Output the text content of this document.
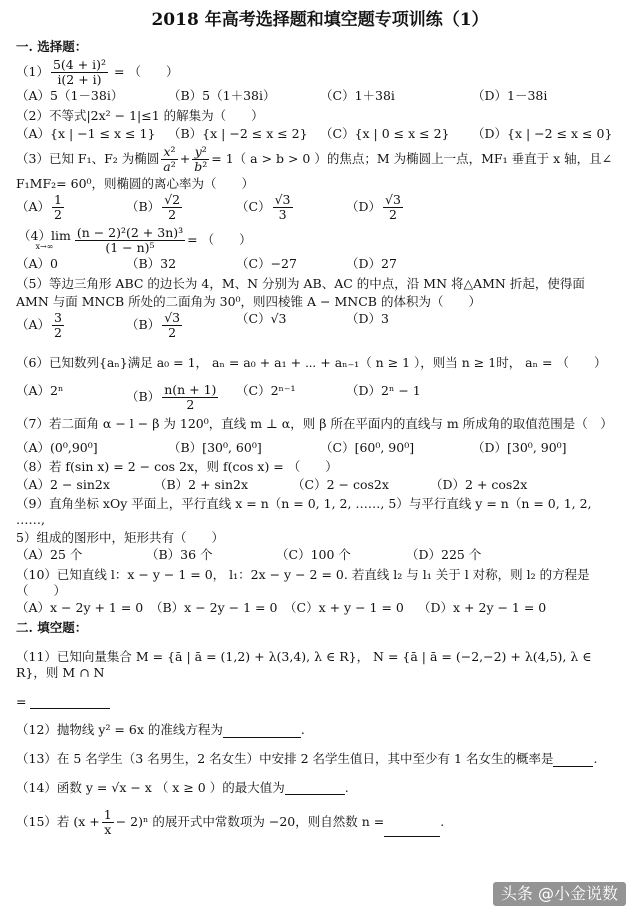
2018 年高考选择题和填空题专项训练（1）
一. 选择题：
$(1) \frac{\text{5(4 + i)²}}{i(2 + i)}$ = （　　）
（A）5（1－38i）	（B）5（1＋38i）	（C）1＋38i	（D）1－38i
（2）不等式|2x² − 1|≤1 的解集为（　　）
（A）{x | −1 ≤ x ≤ 1}	（B）{x | −2 ≤ x ≤ 2} （C）{x | 0 ≤ x ≤ 2}	（D）{x | −2 ≤ x ≤ 0}
（3）已知 F₁、F₂ 为椭圆 $\frac{\text{x²}}{\text{a²}} + \frac{\text{y²}}{\text{b²}} = 1$（ a > b > 0 ）的焦点；M 为椭圆上一点，MF₁ 垂直于 x 轴，且∠
F₁MF₂= 60⁰，则椭圆的离心率为（　　）
$(A) \frac{1}{2}$	$(B) \frac{√2}{2}$	$(C) \frac{√3}{3}$	$(D) \frac{√3}{2}$
（4）lim
x→∞	$\frac{\text{(n − 2)²(2 + 3n)³}}{\text{(1 − n)⁵}}$ = （　　）
（A）0	（B）32	（C）−27	（D）27
（5）等边三角形 ABC 的边长为 4，M、N 分别为 AB、AC 的中点，沿 MN 将△AMN 折起，使得面
AMN 与面 MNCB 所处的二面角为 30⁰，则四棱锥 A − MNCB 的体积为（　　）
$(A) \frac{3}{2}$	$(B) \frac{√3}{2}$	（C）√3	（D）3
（6）已知数列{aₙ}满足 a₀ = 1， aₙ = a₀ + a₁ + ⋯ + aₙ₋₁（ n ≥ 1 ），则当 n ≥ 1时， aₙ = （　　）
（A）2ⁿ	$(B) \frac{n(n + 1)}{2} (C)2^{n-1}$	（D）2ⁿ − 1
（7）若二面角 α − l − β 为 120⁰，直线 m ⊥ α，则 β 所在平面内的直线与 m 所成角的取值范围是（　）
（A）(0⁰,90⁰]	（B）[30⁰, 60⁰]	（C）[60⁰, 90⁰]	（D）[30⁰, 90⁰]
（8）若 f(sin x) = 2 − cos 2x，则 f(cos x) = （　　）
（A）2 − sin2x	（B）2 + sin2x	（C）2 − cos2x	（D）2 + cos2x
（9）直角坐标 xOy 平面上，平行直线 x = n（n = 0, 1, 2, ……, 5）与平行直线 y = n（n = 0, 1, 2, ……,
5）组成的图形中，矩形共有（　　）
（A）25 个	（B）36 个	（C）100 个	（D）225 个
（10）已知直线 l：x − y − 1 = 0， l₁：2x − y − 2 = 0. 若直线 l₂ 与 l₁ 关于 l 对称，则 l₂ 的方程是（　　）
（A）x − 2y + 1 = 0 （B）x − 2y − 1 = 0 （C）x + y − 1 = 0 （D）x + 2y − 1 = 0
二. 填空题：
（11）已知向量集合 M = {ā | ā = (1,2) + λ(3,4), λ ∈ R}， N = {ā | ā = (−2,−2) + λ(4,5), λ ∈ R}，则 M ∩ N
=
（12）抛物线 y² = 6x 的准线方程为	.
（13）在 5 名学生（3 名男生，2 名女生）中安排 2 名学生值日，其中至少有 1 名女生的概率是	.
（14）函数 y = √x − x （ x ≥ 0 ）的最大值为	.
（15）若 $(x + \frac{1}{x} - 2)^n$ 的展开式中常数项为 −20，则自然数 n =	.
头条 @小金说数
